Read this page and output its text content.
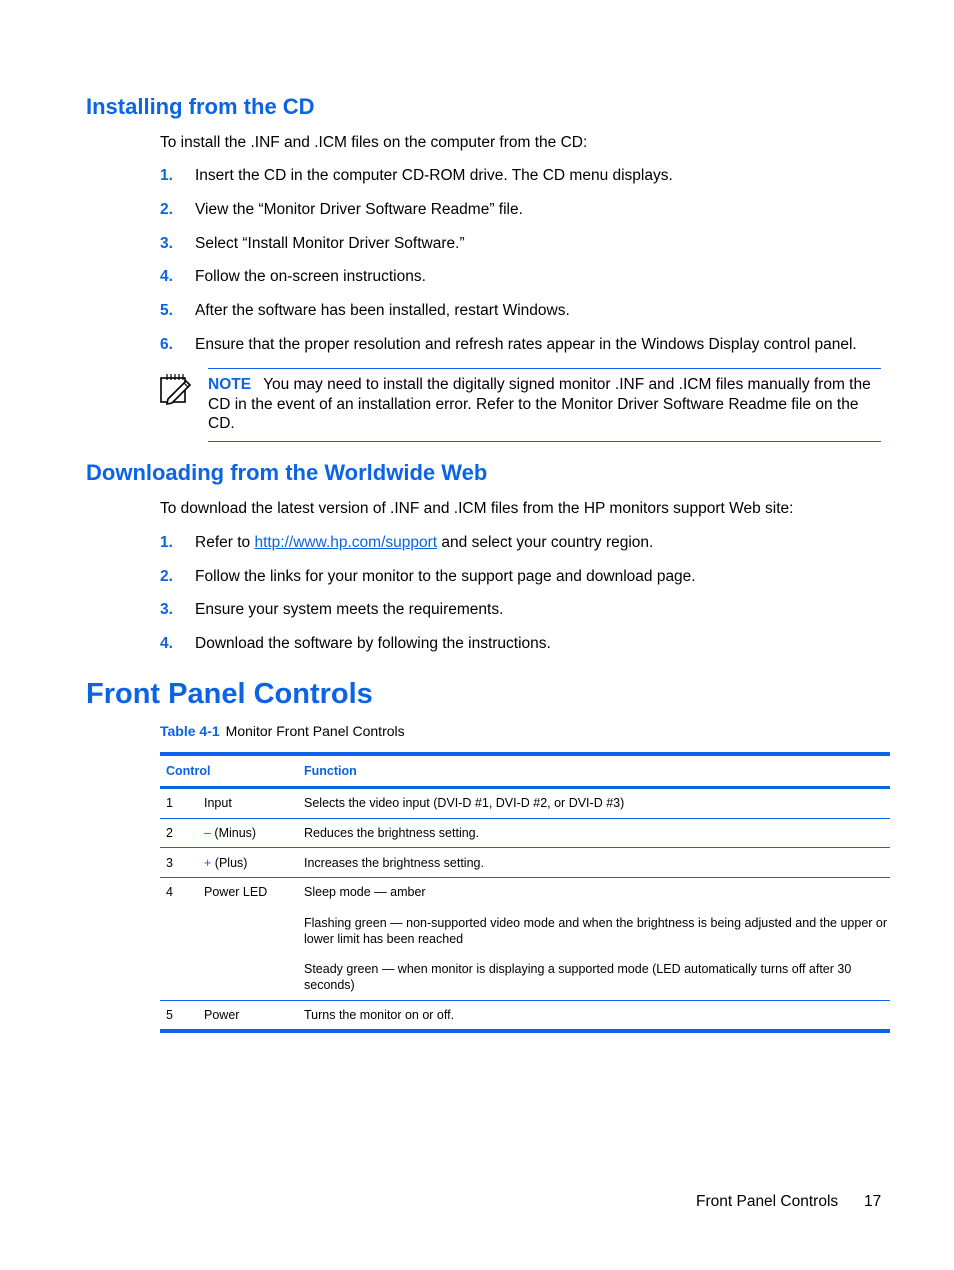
Installing from the CD
To install the .INF and .ICM files on the computer from the CD:
1.	Insert the CD in the computer CD-ROM drive. The CD menu displays.
2.	View the “Monitor Driver Software Readme” file.
3.	Select “Install Monitor Driver Software.”
4.	Follow the on-screen instructions.
5.	After the software has been installed, restart Windows.
6.	Ensure that the proper resolution and refresh rates appear in the Windows Display control panel.
NOTE You may need to install the digitally signed monitor .INF and .ICM files manually from the CD in the event of an installation error. Refer to the Monitor Driver Software Readme file on the CD.
Downloading from the Worldwide Web
To download the latest version of .INF and .ICM files from the HP monitors support Web site:
1.	Refer to http://www.hp.com/support and select your country region.
2.	Follow the links for your monitor to the support page and download page.
3.	Ensure your system meets the requirements.
4.	Download the software by following the instructions.
Front Panel Controls
Table 4-1 Monitor Front Panel Controls
Control	Function
1 Input	Selects the video input (DVI-D #1, DVI-D #2, or DVI-D #3)
2 – (Minus)	Reduces the brightness setting.
3 + (Plus)	Increases the brightness setting.
4 Power LED	Sleep mode — amber
Flashing green — non-supported video mode and when the brightness is being adjusted and the upper or lower limit has been reached
Steady green — when monitor is displaying a supported mode (LED automatically turns off after 30 seconds)
5 Power	Turns the monitor on or off.
Front Panel Controls 17
